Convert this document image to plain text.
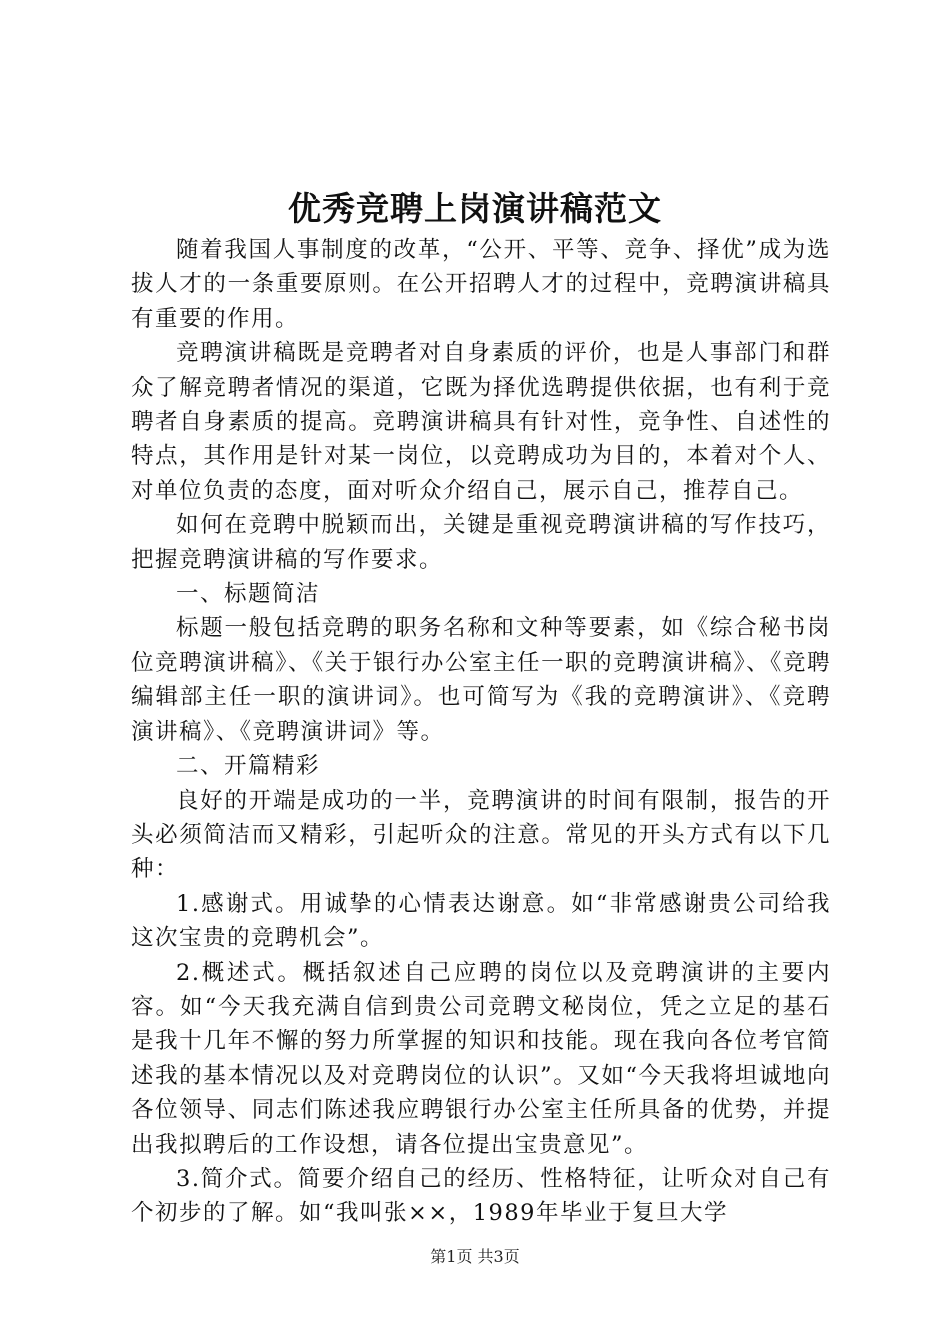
优秀竞聘上岗演讲稿范文

随着我国人事制度的改革，“公开、平等、竞争、择优”成为选拔人才的一条重要原则。在公开招聘人才的过程中，竞聘演讲稿具有重要的作用。

竞聘演讲稿既是竞聘者对自身素质的评价，也是人事部门和群众了解竞聘者情况的渠道，它既为择优选聘提供依据，也有利于竞聘者自身素质的提高。竞聘演讲稿具有针对性，竞争性、自述性的特点，其作用是针对某一岗位，以竞聘成功为目的，本着对个人、对单位负责的态度，面对听众介绍自己，展示自己，推荐自己。

如何在竞聘中脱颖而出，关键是重视竞聘演讲稿的写作技巧，把握竞聘演讲稿的写作要求。

一、标题简洁

标题一般包括竞聘的职务名称和文种等要素，如《综合秘书岗位竞聘演讲稿》、《关于银行办公室主任一职的竞聘演讲稿》、《竞聘编辑部主任一职的演讲词》。也可简写为《我的竞聘演讲》、《竞聘演讲稿》、《竞聘演讲词》等。

二、开篇精彩

良好的开端是成功的一半，竞聘演讲的时间有限制，报告的开头必须简洁而又精彩，引起听众的注意。常见的开头方式有以下几种：

1.感谢式。用诚挚的心情表达谢意。如“非常感谢贵公司给我这次宝贵的竞聘机会”。

2.概述式。概括叙述自己应聘的岗位以及竞聘演讲的主要内容。如“今天我充满自信到贵公司竞聘文秘岗位，凭之立足的基石是我十几年不懈的努力所掌握的知识和技能。现在我向各位考官简述我的基本情况以及对竞聘岗位的认识”。又如“今天我将坦诚地向各位领导、同志们陈述我应聘银行办公室主任所具备的优势，并提出我拟聘后的工作设想，请各位提出宝贵意见”。

3.简介式。简要介绍自己的经历、性格特征，让听众对自己有个初步的了解。如“我叫张××，1989年毕业于复旦大学

第1页 共3页
